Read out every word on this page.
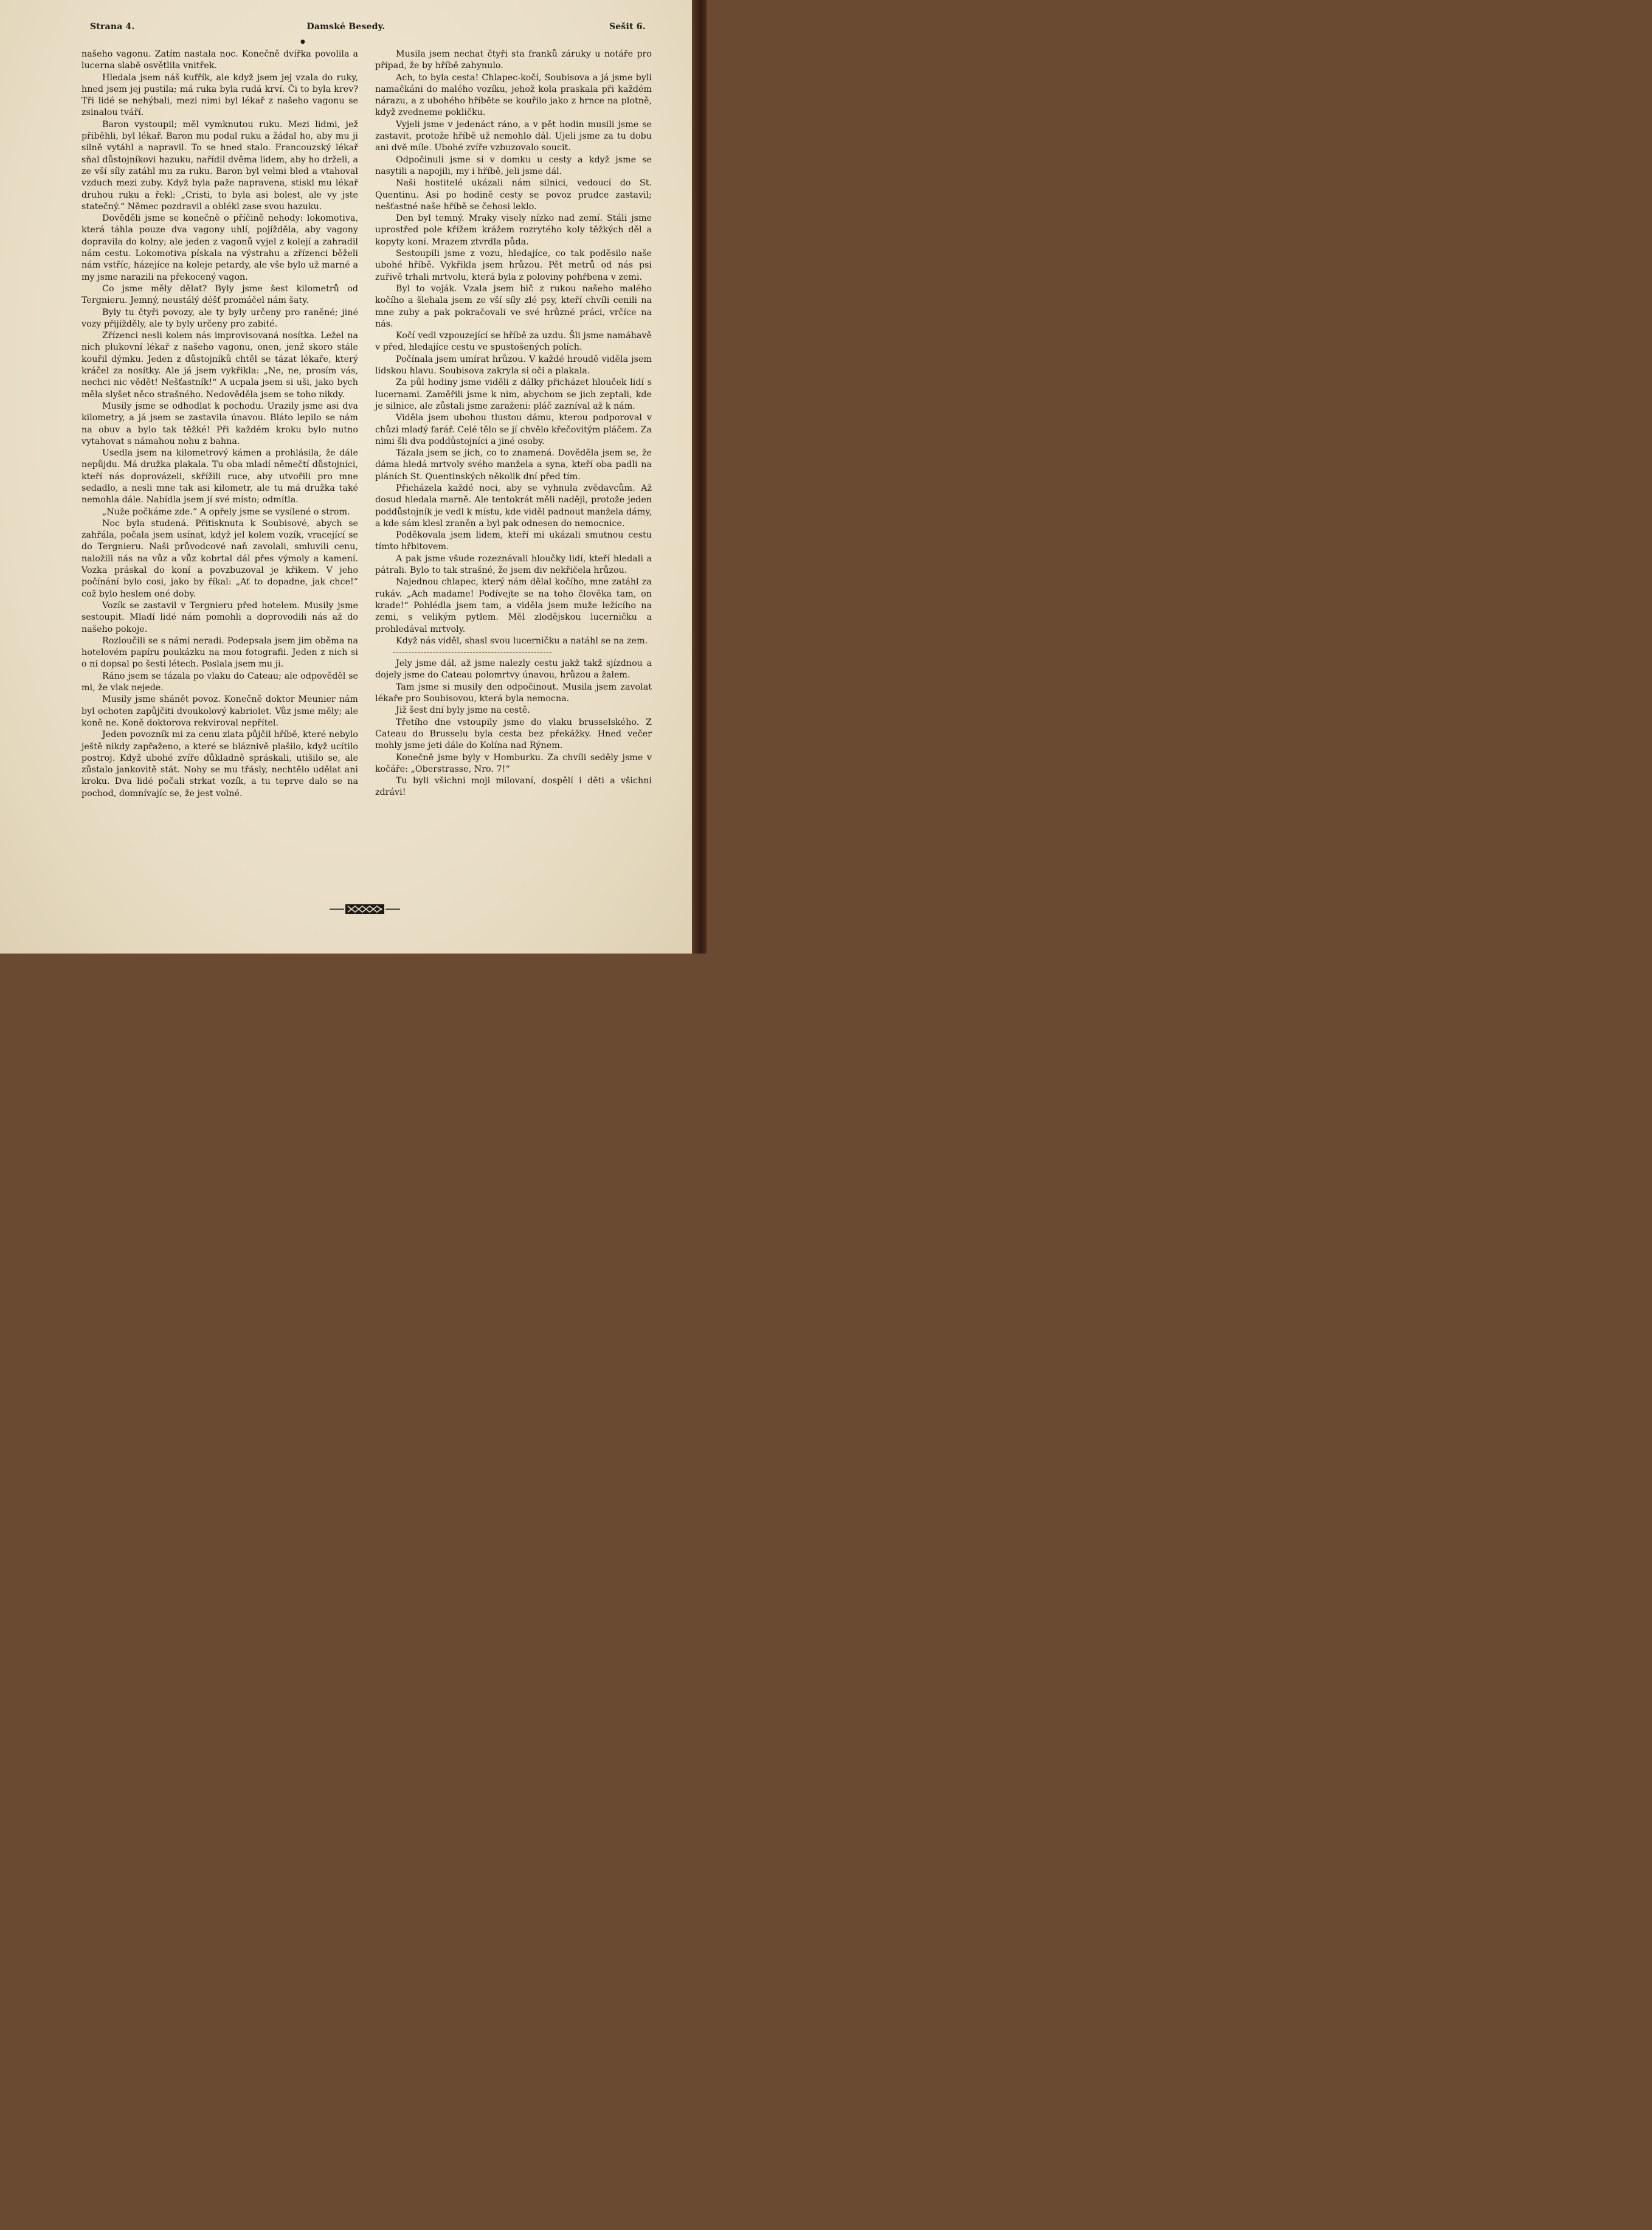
Strana 4.	Damské Besedy.	Sešit 6.
●

našeho vagonu. Zatím nastala noc. Konečně dvířka povolila a lucerna slabě osvětlila vnitřek.

Hledala jsem náš kufřík, ale když jsem jej vzala do ruky, hned jsem jej pustila; má ruka byla rudá krví. Či to byla krev? Tři lidé se nehýbali, mezi nimi byl lékař z našeho vagonu se zsinalou tváří.

Baron vystoupil; měl vymknutou ruku. Mezi lidmi, jež přiběhli, byl lékař. Baron mu podal ruku a žádal ho, aby mu ji silně vytáhl a napravil. To se hned stalo. Francouzský lékař sňal důstojníkovi hazuku, nařídil dvěma lidem, aby ho drželi, a ze vší síly zatáhl mu za ruku. Baron byl velmi bled a vtahoval vzduch mezi zuby. Když byla paže napravena, stiskl mu lékař druhou ruku a řekl: „Cristi, to byla asi bolest, ale vy jste statečný.“ Němec pozdravil a oblékl zase svou hazuku.

Dověděli jsme se konečně o příčině nehody: lokomotiva, která táhla pouze dva vagony uhlí, pojížděla, aby vagony dopravila do kolny; ale jeden z vagonů vyjel z kolejí a zahradil nám cestu. Lokomotiva pískala na výstrahu a zřízenci běželi nám vstříc, házejíce na koleje petardy, ale vše bylo už marné a my jsme narazili na překocený vagon.

Co jsme měly dělat? Byly jsme šest kilometrů od Tergnieru. Jemný, neustálý déšť promáčel nám šaty.

Byly tu čtyři povozy, ale ty byly určeny pro raněné; jiné vozy přijížděly, ale ty byly určeny pro zabité.

Zřízenci nesli kolem nás improvisovaná nosítka. Ležel na nich plukovní lékař z našeho vagonu, onen, jenž skoro stále kouřil dýmku. Jeden z důstojníků chtěl se tázat lékaře, který kráčel za nosítky. Ale já jsem vykřikla: „Ne, ne, prosím vás, nechci nic vědět! Nešťastník!“ A ucpala jsem si uši, jako bych měla slyšet něco strašného. Nedověděla jsem se toho nikdy.

Musily jsme se odhodlat k pochodu. Urazily jsme asi dva kilometry, a já jsem se zastavila únavou. Bláto lepilo se nám na obuv a bylo tak těžké! Při každém kroku bylo nutno vytahovat s námahou nohu z bahna.

Usedla jsem na kilometrový kámen a prohlásila, že dále nepůjdu. Má družka plakala. Tu oba mladí němečtí důstojníci, kteří nás doprovázeli, skřížili ruce, aby utvořili pro mne sedadlo, a nesli mne tak asi kilometr, ale tu má družka také nemohla dále. Nabídla jsem jí své místo; odmítla.

„Nuže počkáme zde.“ A opřely jsme se vysílené o strom.

Noc byla studená. Přitisknuta k Soubisové, abych se zahřála, počala jsem usínat, když jel kolem vozík, vracející se do Tergnieru. Naši průvodcové naň zavolali, smluvili cenu, naložili nás na vůz a vůz kobrtal dál přes výmoly a kamení. Vozka práskal do koní a povzbuzoval je křikem. V jeho počínání bylo cosi, jako by říkal: „Ať to dopadne, jak chce!“ což bylo heslem oné doby.

Vozík se zastavil v Tergnieru před hotelem. Musily jsme sestoupit. Mladí lidé nám pomohli a doprovodili nás až do našeho pokoje.

Rozloučili se s námi neradi. Podepsala jsem jim oběma na hotelovém papíru poukázku na mou fotografii. Jeden z nich si o ni dopsal po šesti létech. Poslala jsem mu ji.

Ráno jsem se tázala po vlaku do Cateau; ale odpověděl se mi, že vlak nejede.

Musily jsme shánět povoz. Konečně doktor Meunier nám byl ochoten zapůjčiti dvoukolový kabriolet. Vůz jsme měly; ale koně ne. Koně doktorova rekviroval nepřítel.

Jeden povozník mi za cenu zlata půjčil hříbě, které nebylo ještě nikdy zapřaženo, a které se bláznivě plašilo, když ucítilo postroj. Když ubohé zvíře důkladně spráskali, utišilo se, ale zůstalo jankovitě stát. Nohy se mu třásly, nechtělo udělat ani kroku. Dva lidé počali strkat vozík, a tu teprve dalo se na pochod, domnívajíc se, že jest volné.

Musila jsem nechat čtyři sta franků záruky u notáře pro případ, že by hříbě zahynulo.

Ach, to byla cesta! Chlapec-kočí, Soubisova a já jsme byli namačkáni do malého vozíku, jehož kola praskala při každém nárazu, a z ubohého hříběte se kouřilo jako z hrnce na plotně, když zvedneme pokličku.

Vyjeli jsme v jedenáct ráno, a v pět hodin musili jsme se zastavit, protože hříbě už nemohlo dál. Ujeli jsme za tu dobu ani dvě míle. Ubohé zvíře vzbuzovalo soucit.

Odpočinuli jsme si v domku u cesty a když jsme se nasytili a napojili, my i hříbě, jeli jsme dál.

Naši hostitelé ukázali nám silnici, vedoucí do St. Quentinu. Asi po hodině cesty se povoz prudce zastavil; nešťastné naše hříbě se čehosi leklo.

Den byl temný. Mraky visely nízko nad zemí. Stáli jsme uprostřed pole křížem krážem rozrytého koly těžkých děl a kopyty koní. Mrazem ztvrdla půda.

Sestoupili jsme z vozu, hledajíce, co tak poděsilo naše ubohé hříbě. Vykřikla jsem hrůzou. Pět metrů od nás psi zuřivě trhali mrtvolu, která byla z poloviny pohřbena v zemi.

Byl to voják. Vzala jsem bič z rukou našeho malého kočího a šlehala jsem ze vší síly zlé psy, kteří chvíli cenili na mne zuby a pak pokračovali ve své hrůzné práci, vrčíce na nás.

Kočí vedl vzpouzející se hříbě za uzdu. Šli jsme namáhavě v před, hledajíce cestu ve spustošených polích.

Počínala jsem umírat hrůzou. V každé hroudě viděla jsem lidskou hlavu. Soubisova zakryla si oči a plakala.

Za půl hodiny jsme viděli z dálky přicházet hlouček lidí s lucernami. Zaměřili jsme k nim, abychom se jich zeptali, kde je silnice, ale zůstali jsme zaraženi: pláč zazníval až k nám.

Viděla jsem ubohou tlustou dámu, kterou podporoval v chůzi mladý farář. Celé tělo se jí chvělo křečovitým pláčem. Za nimi šli dva poddůstojníci a jiné osoby.

Tázala jsem se jich, co to znamená. Dověděla jsem se, že dáma hledá mrtvoly svého manžela a syna, kteří oba padli na pláních St. Quentinských několik dní před tím.

Přicházela každé noci, aby se vyhnula zvědavcům. Až dosud hledala marně. Ale tentokrát měli naději, protože jeden poddůstojník je vedl k místu, kde viděl padnout manžela dámy, a kde sám klesl zraněn a byl pak odnesen do nemocnice.

Poděkovala jsem lidem, kteří mi ukázali smutnou cestu tímto hřbitovem.

A pak jsme všude rozeznávali hloučky lidí, kteří hledali a pátrali. Bylo to tak strašné, že jsem div nekřičela hrůzou.

Najednou chlapec, který nám dělal kočího, mne zatáhl za rukáv. „Ach madame! Podívejte se na toho člověka tam, on krade!“ Pohlédla jsem tam, a viděla jsem muže ležícího na zemi, s velikým pytlem. Měl zlodějskou lucerničku a prohledával mrtvoly.

Když nás viděl, shasl svou lucerničku a natáhl se na zem.

Jely jsme dál, až jsme nalezly cestu jakž takž sjízdnou a dojely jsme do Cateau polomrtvy únavou, hrůzou a žalem.

Tam jsme si musily den odpočinout. Musila jsem zavolat lékaře pro Soubisovou, která byla nemocna.

Již šest dní byly jsme na cestě.

Třetího dne vstoupily jsme do vlaku brusselského. Z Cateau do Brusselu byla cesta bez překážky. Hned večer mohly jsme jeti dále do Kolína nad Rýnem.

Konečně jsme byly v Homburku. Za chvíli seděly jsme v kočáře: „Oberstrasse, Nro. 7!“

Tu byli všichni moji milovaní, dospělí i děti a všichni zdrávi!
